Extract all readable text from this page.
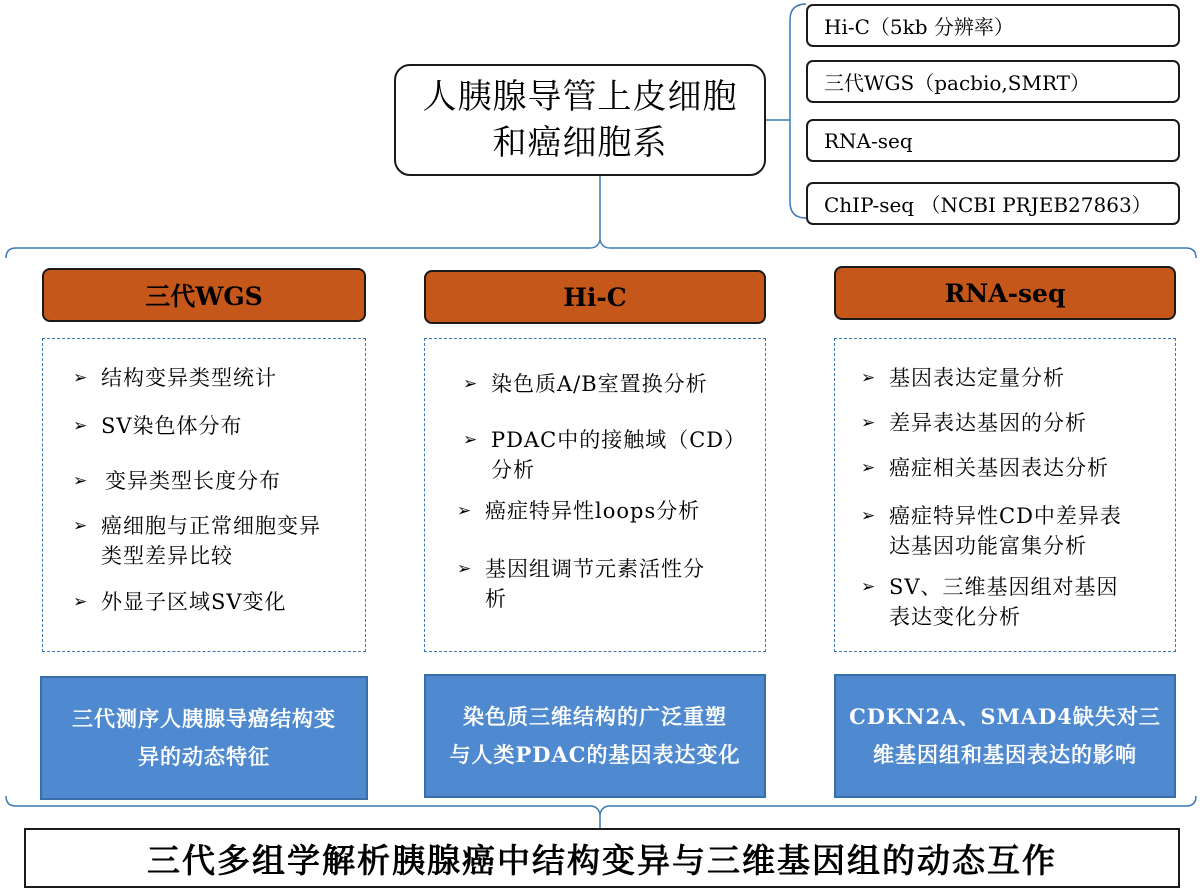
人胰腺导管上皮细胞
和癌细胞系
Hi-C（5kb 分辨率）
三代WGS（pacbio,SMRT）
RNA-seq
ChIP-seq （NCBI PRJEB27863）
三代WGS
➢ 结构变异类型统计
➢ SV染色体分布
➢ 变异类型长度分布
➢ 癌细胞与正常细胞变异
类型差异比较
➢ 外显子区域SV变化
三代测序人胰腺导癌结构变
异的动态特征
Hi-C
➢ 染色质A/B室置换分析
➢ PDAC中的接触域（CD）
分析
➢ 癌症特异性loops分析
➢ 基因组调节元素活性分
析
染色质三维结构的广泛重塑
与人类PDAC的基因表达变化
RNA-seq
➢ 基因表达定量分析
➢ 差异表达基因的分析
➢ 癌症相关基因表达分析
➢ 癌症特异性CD中差异表
达基因功能富集分析
➢ SV、三维基因组对基因
表达变化分析
CDKN2A、SMAD4缺失对三
维基因组和基因表达的影响
三代多组学解析胰腺癌中结构变异与三维基因组的动态互作
